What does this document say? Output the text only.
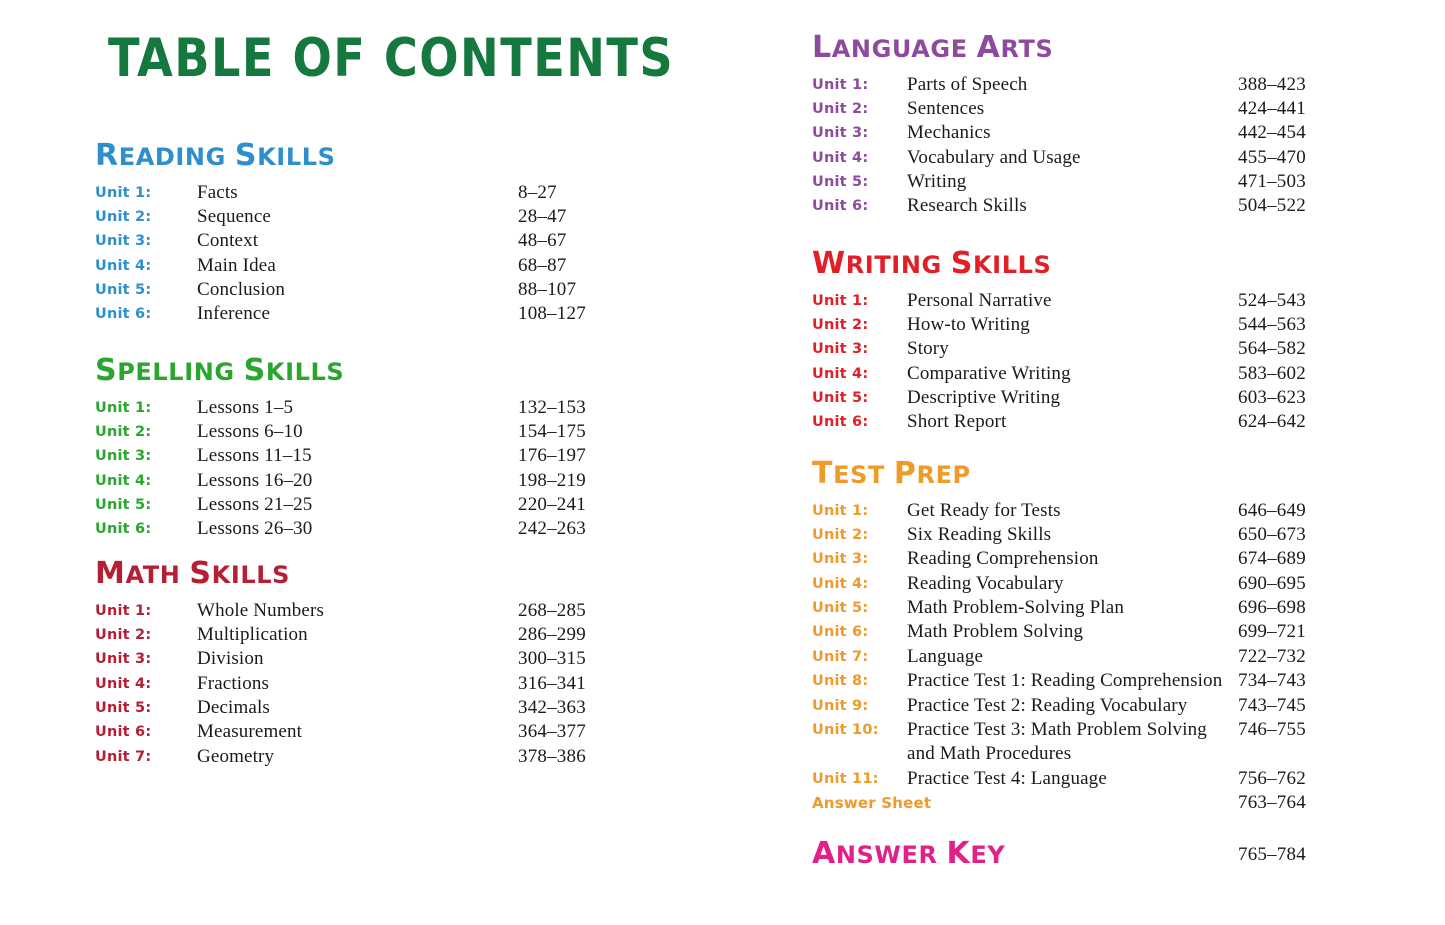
TABLE OF CONTENTS
READING SKILLS
Unit 1: Facts	8–27
Unit 2: Sequence	28–47
Unit 3: Context	48–67
Unit 4: Main Idea	68–87
Unit 5: Conclusion	88–107
Unit 6: Inference	108–127
SPELLING SKILLS
Unit 1: Lessons 1–5	132–153
Unit 2: Lessons 6–10	154–175
Unit 3: Lessons 11–15	176–197
Unit 4: Lessons 16–20	198–219
Unit 5: Lessons 21–25	220–241
Unit 6: Lessons 26–30	242–263
MATH SKILLS
Unit 1: Whole Numbers	268–285
Unit 2: Multiplication	286–299
Unit 3: Division	300–315
Unit 4: Fractions	316–341
Unit 5: Decimals	342–363
Unit 6: Measurement	364–377
Unit 7: Geometry	378–386
LANGUAGE ARTS
Unit 1: Parts of Speech	388–423
Unit 2: Sentences	424–441
Unit 3: Mechanics	442–454
Unit 4: Vocabulary and Usage	455–470
Unit 5: Writing	471–503
Unit 6: Research Skills	504–522
WRITING SKILLS
Unit 1: Personal Narrative	524–543
Unit 2: How-to Writing	544–563
Unit 3: Story	564–582
Unit 4: Comparative Writing	583–602
Unit 5: Descriptive Writing	603–623
Unit 6: Short Report	624–642
TEST PREP
Unit 1: Get Ready for Tests	646–649
Unit 2: Six Reading Skills	650–673
Unit 3: Reading Comprehension	674–689
Unit 4: Reading Vocabulary	690–695
Unit 5: Math Problem-Solving Plan	696–698
Unit 6: Math Problem Solving	699–721
Unit 7: Language	722–732
Unit 8: Practice Test 1: Reading Comprehension 734–743
Unit 9: Practice Test 2: Reading Vocabulary	743–745
Unit 10: Practice Test 3: Math Problem Solving
and Math Procedures
746–755
Unit 11: Practice Test 4: Language	756–762
Answer Sheet	763–764
ANSWER KEY	765–784
